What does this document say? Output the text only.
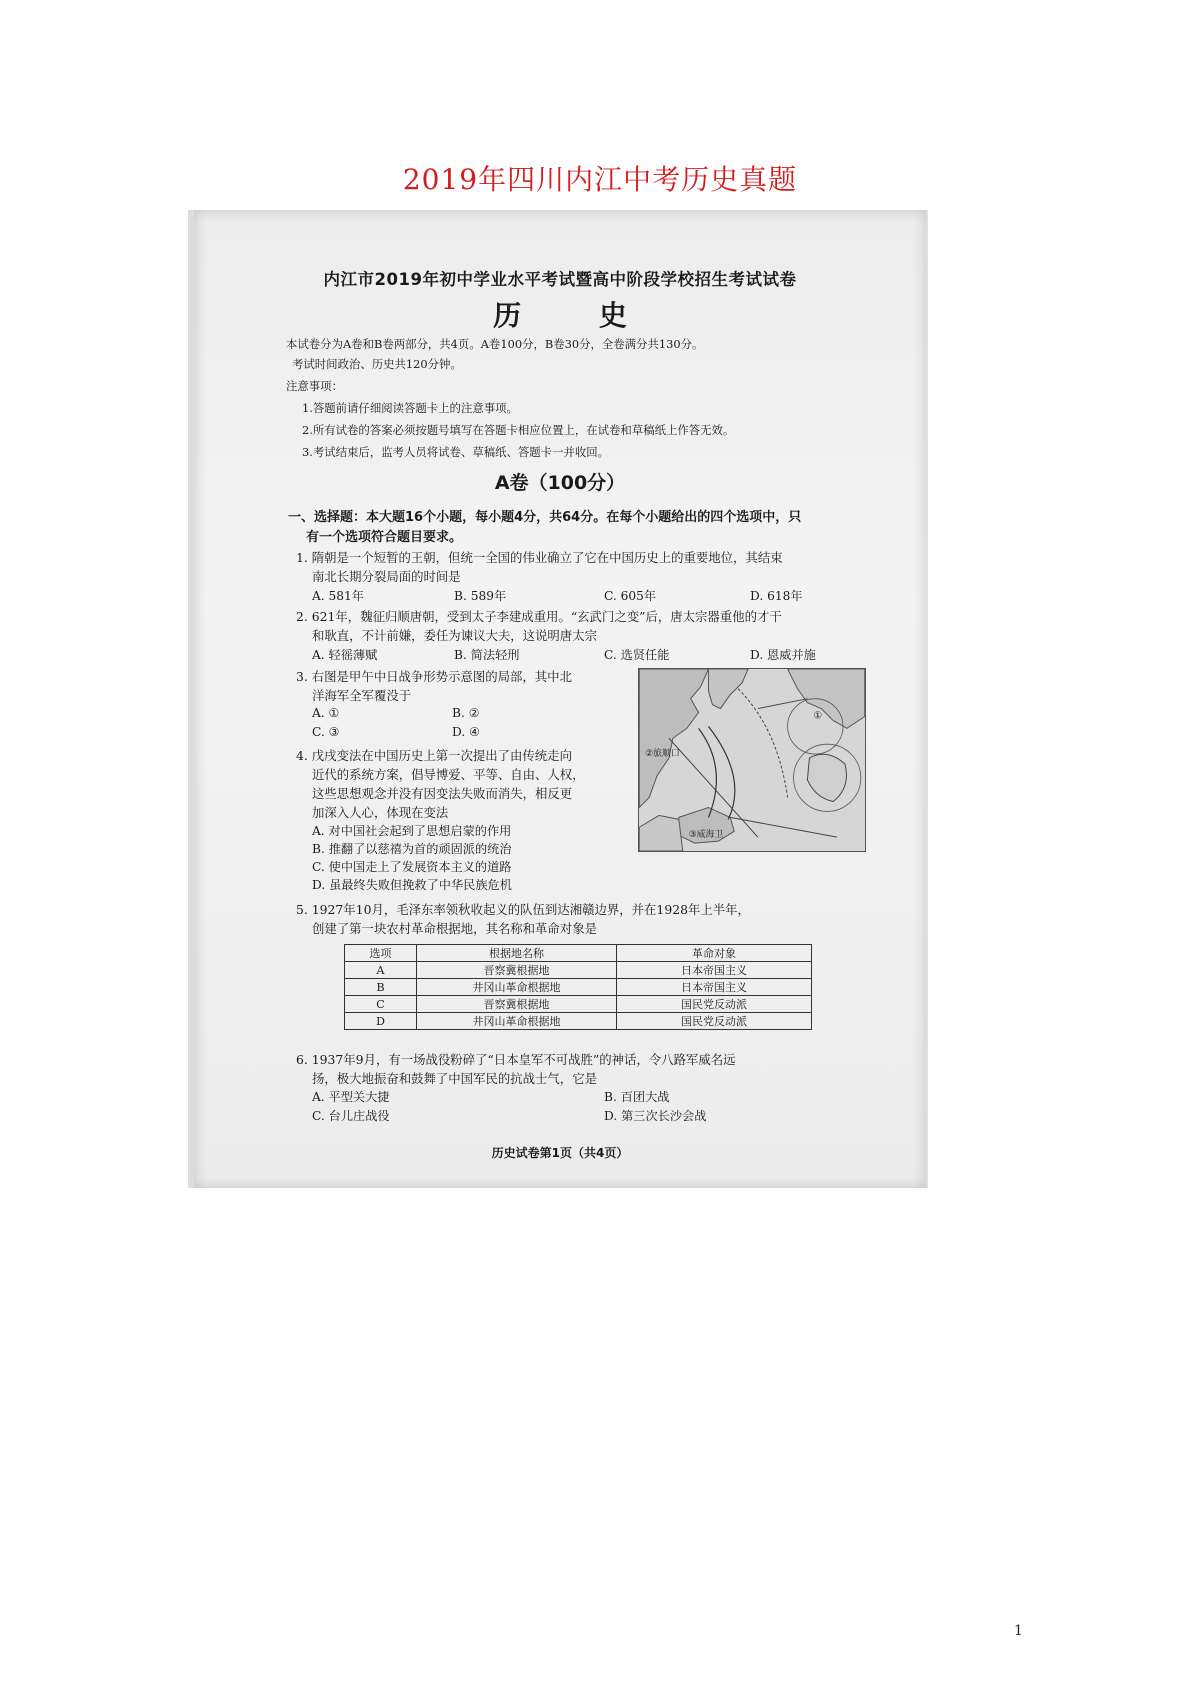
2019年四川内江中考历史真题
内江市2019年初中学业水平考试暨高中阶段学校招生考试试卷
历 史
本试卷分为A卷和B卷两部分，共4页。A卷100分，B卷30分，全卷满分共130分。
考试时间政治、历史共120分钟。
注意事项：
1.答题前请仔细阅读答题卡上的注意事项。
2.所有试卷的答案必须按题号填写在答题卡相应位置上，在试卷和草稿纸上作答无效。
3.考试结束后，监考人员将试卷、草稿纸、答题卡一并收回。
A卷（100分）
一、选择题：本大题16个小题，每小题4分，共64分。在每个小题给出的四个选项中，只
有一个选项符合题目要求。
1. 隋朝是一个短暂的王朝，但统一全国的伟业确立了它在中国历史上的重要地位，其结束
南北长期分裂局面的时间是
A. 581年	B. 589年	C. 605年	D. 618年
2. 621年，魏征归顺唐朝，受到太子李建成重用。“玄武门之变”后，唐太宗器重他的才干
和耿直，不计前嫌，委任为谏议大夫，这说明唐太宗
A. 轻徭薄赋	B. 简法轻刑	C. 选贤任能	D. 恩威并施
3. 右图是甲午中日战争形势示意图的局部，其中北
洋海军全军覆没于
A. ①	B. ②
C. ③	D. ④
②旅顺口
③威海卫
①
4. 戊戌变法在中国历史上第一次提出了由传统走向
近代的系统方案，倡导博爱、平等、自由、人权，
这些思想观念并没有因变法失败而消失，相反更
加深入人心，体现在变法
A. 对中国社会起到了思想启蒙的作用
B. 推翻了以慈禧为首的顽固派的统治
C. 使中国走上了发展资本主义的道路
D. 虽最终失败但挽救了中华民族危机
5. 1927年10月，毛泽东率领秋收起义的队伍到达湘赣边界，并在1928年上半年，
创建了第一块农村革命根据地，其名称和革命对象是
选项	根据地名称	革命对象
A	晋察冀根据地	日本帝国主义
B	井冈山革命根据地	日本帝国主义
C	晋察冀根据地	国民党反动派
D	井冈山革命根据地	国民党反动派
6. 1937年9月，有一场战役粉碎了“日本皇军不可战胜”的神话，令八路军威名远
扬，极大地振奋和鼓舞了中国军民的抗战士气，它是
A. 平型关大捷	B. 百团大战
C. 台儿庄战役	D. 第三次长沙会战
历史试卷第1页（共4页）
1
